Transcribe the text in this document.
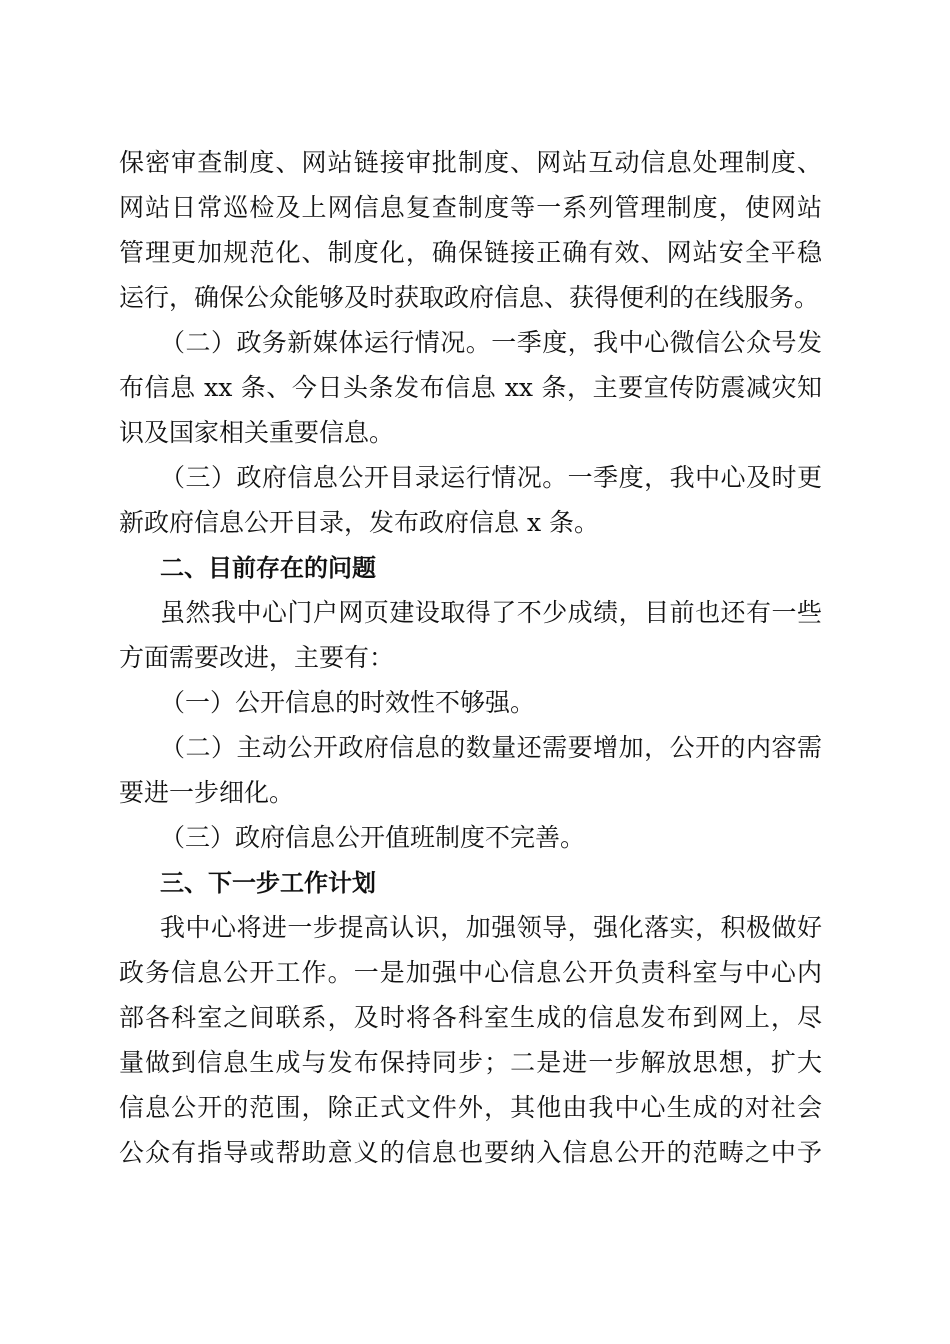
保密审查制度、网站链接审批制度、网站互动信息处理制度、
网站日常巡检及上网信息复查制度等一系列管理制度，使网站
管理更加规范化、制度化，确保链接正确有效、网站安全平稳
运行，确保公众能够及时获取政府信息、获得便利的在线服务。
（二）政务新媒体运行情况。一季度，我中心微信公众号发
布信息 xx 条、今日头条发布信息 xx 条，主要宣传防震减灾知
识及国家相关重要信息。
（三）政府信息公开目录运行情况。一季度，我中心及时更
新政府信息公开目录，发布政府信息 x 条。
二、目前存在的问题
虽然我中心门户网页建设取得了不少成绩，目前也还有一些
方面需要改进，主要有：
（一）公开信息的时效性不够强。
（二）主动公开政府信息的数量还需要增加，公开的内容需
要进一步细化。
（三）政府信息公开值班制度不完善。
三、下一步工作计划
我中心将进一步提高认识，加强领导，强化落实，积极做好
政务信息公开工作。一是加强中心信息公开负责科室与中心内
部各科室之间联系，及时将各科室生成的信息发布到网上，尽
量做到信息生成与发布保持同步；二是进一步解放思想，扩大
信息公开的范围，除正式文件外，其他由我中心生成的对社会
公众有指导或帮助意义的信息也要纳入信息公开的范畴之中予
